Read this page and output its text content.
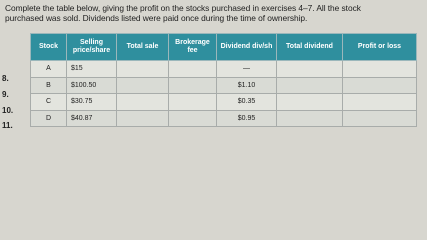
Complete the table below, giving the profit on the stocks purchased in exercises 4–7. All the stock

purchased was sold. Dividends listed were paid once during the time of ownership.

8.
9.
10.
11.
Stock	Selling price/share	Total sale	Brokerage fee	Dividend div/sh	Total dividend	Profit or loss
A	$15			—		
B	$100.50			$1.10		
C	$30.75			$0.35		
D	$40.87			$0.95		
